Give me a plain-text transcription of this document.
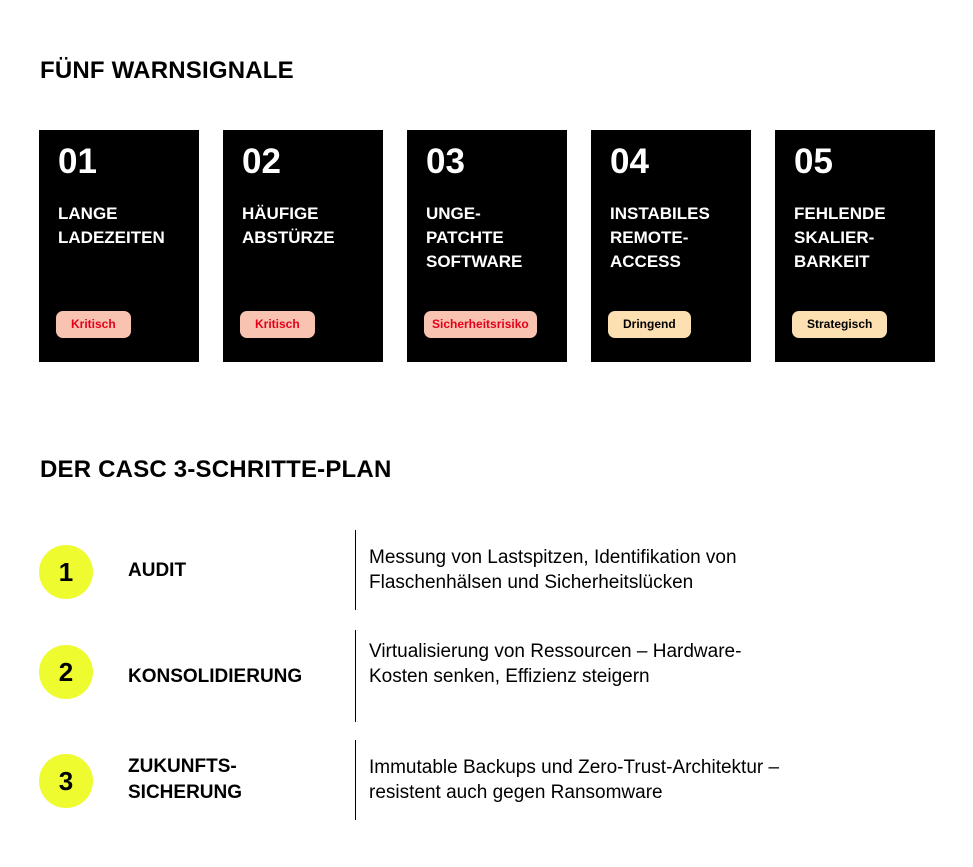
FÜNF WARNSIGNALE
01
LANGE
LADEZEITEN
Kritisch
02
HÄUFIGE
ABSTÜRZE
Kritisch
03
UNGE-
PATCHTE
SOFTWARE
Sicherheitsrisiko
04
INSTABILES
REMOTE-
ACCESS
Dringend
05
FEHLENDE
SKALIER-
BARKEIT
Strategisch
DER CASC 3-SCHRITTE-PLAN
1	AUDIT
Messung von Lastspitzen, Identifikation von Flaschenhälsen und Sicherheitslücken
2	KONSOLIDIERUNG
Virtualisierung von Ressourcen – Hardware-Kosten senken, Effizienz steigern
3	ZUKUNFTS-
SICHERUNG
Immutable Backups und Zero-Trust-Architektur – resistent auch gegen Ransomware
